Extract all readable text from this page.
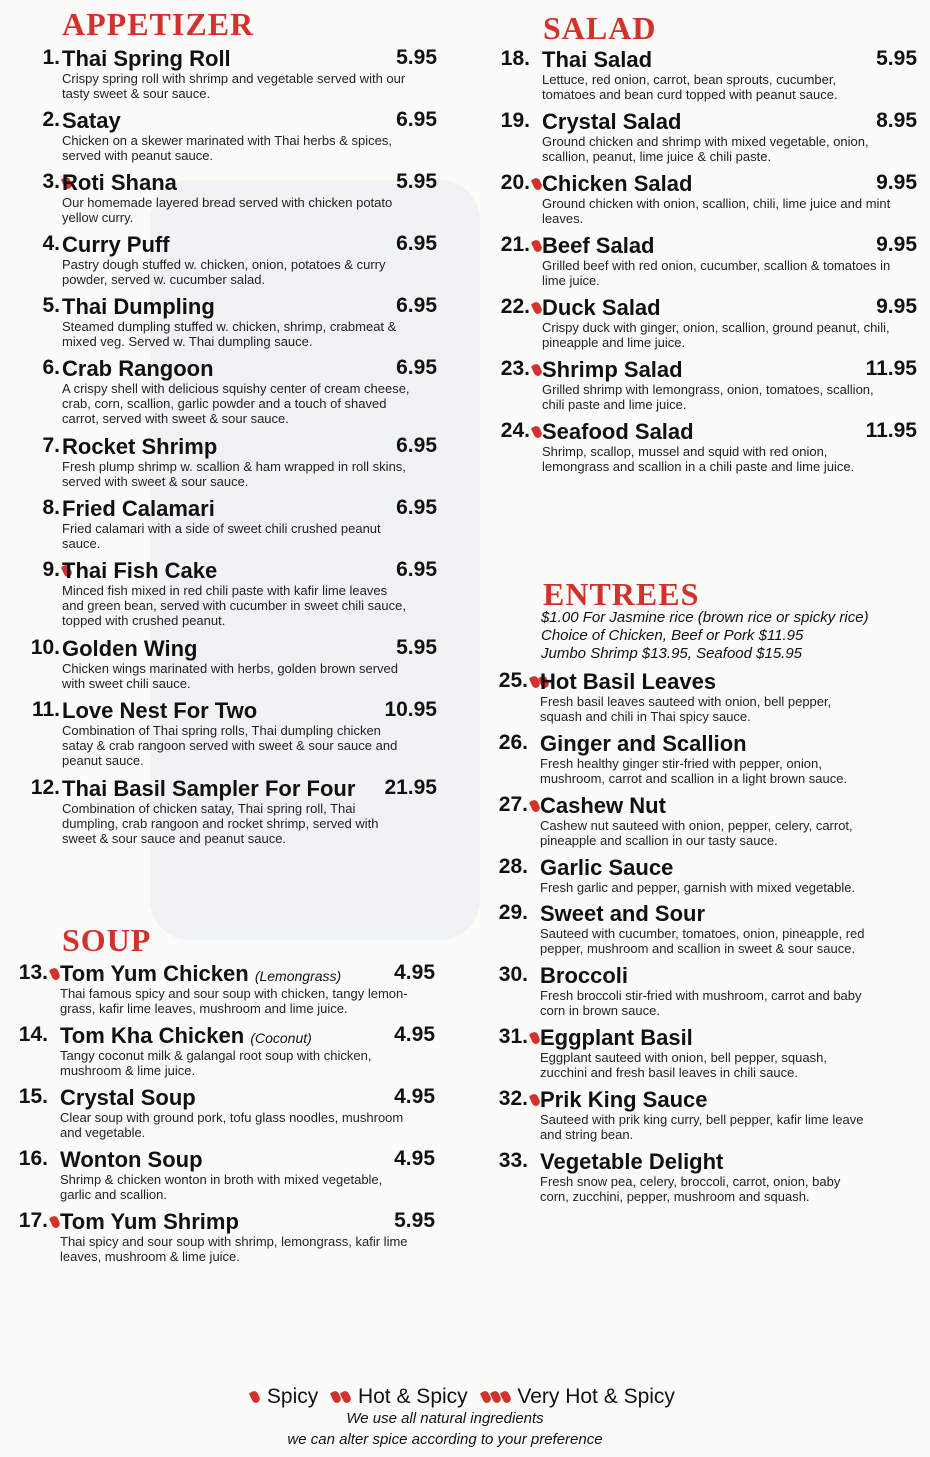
APPETIZER	SALAD
SOUP
ENTREES
$1.00 For Jasmine rice (brown rice or spicky rice)
Choice of Chicken, Beef or Pork $11.95
Jumbo Shrimp $13.95, Seafood $15.95
1. Thai Spring Roll	5.95
Crispy spring roll with shrimp and vegetable served with our tasty sweet & sour sauce.
2. Satay	6.95
Chicken on a skewer marinated with Thai herbs & spices, served with peanut sauce.
3. Roti Shana	5.95
Our homemade layered bread served with chicken potato yellow curry.
4. Curry Puff	6.95
Pastry dough stuffed w. chicken, onion, potatoes & curry powder, served w. cucumber salad.
5. Thai Dumpling	6.95
Steamed dumpling stuffed w. chicken, shrimp, crabmeat & mixed veg. Served w. Thai dumpling sauce.
6. Crab Rangoon	6.95
A crispy shell with delicious squishy center of cream cheese, crab, corn, scallion, garlic powder and a touch of shaved carrot, served with sweet & sour sauce.
7. Rocket Shrimp	6.95
Fresh plump shrimp w. scallion & ham wrapped in roll skins, served with sweet & sour sauce.
8. Fried Calamari	6.95
Fried calamari with a side of sweet chili crushed peanut sauce.
9. Thai Fish Cake	6.95
Minced fish mixed in red chili paste with kafir lime leaves and green bean, served with cucumber in sweet chili sauce, topped with crushed peanut.
10. Golden Wing	5.95
Chicken wings marinated with herbs, golden brown served with sweet chili sauce.
11. Love Nest For Two	10.95
Combination of Thai spring rolls, Thai dumpling chicken satay & crab rangoon served with sweet & sour sauce and peanut sauce.
12. Thai Basil Sampler For Four	21.95
Combination of chicken satay, Thai spring roll, Thai dumpling, crab rangoon and rocket shrimp, served with sweet & sour sauce and peanut sauce.
13. Tom Yum Chicken (Lemongrass)	4.95
Thai famous spicy and sour soup with chicken, tangy lemon-grass, kafir lime leaves, mushroom and lime juice.
14. Tom Kha Chicken (Coconut)	4.95
Tangy coconut milk & galangal root soup with chicken, mushroom & lime juice.
15. Crystal Soup	4.95
Clear soup with ground pork, tofu glass noodles, mushroom and vegetable.
16. Wonton Soup	4.95
Shrimp & chicken wonton in broth with mixed vegetable, garlic and scallion.
17. Tom Yum Shrimp	5.95
Thai spicy and sour soup with shrimp, lemongrass, kafir lime leaves, mushroom & lime juice.
18. Thai Salad	5.95
Lettuce, red onion, carrot, bean sprouts, cucumber, tomatoes and bean curd topped with peanut sauce.
19. Crystal Salad	8.95
Ground chicken and shrimp with mixed vegetable, onion, scallion, peanut, lime juice & chili paste.
20. Chicken Salad	9.95
Ground chicken with onion, scallion, chili, lime juice and mint leaves.
21. Beef Salad	9.95
Grilled beef with red onion, cucumber, scallion & tomatoes in lime juice.
22. Duck Salad	9.95
Crispy duck with ginger, onion, scallion, ground peanut, chili, pineapple and lime juice.
23. Shrimp Salad	11.95
Grilled shrimp with lemongrass, onion, tomatoes, scallion, chili paste and lime juice.
24. Seafood Salad	11.95
Shrimp, scallop, mussel and squid with red onion, lemongrass and scallion in a chili paste and lime juice.
25. Hot Basil Leaves
Fresh basil leaves sauteed with onion, bell pepper, squash and chili in Thai spicy sauce.
26. Ginger and Scallion
Fresh healthy ginger stir-fried with pepper, onion, mushroom, carrot and scallion in a light brown sauce.
27. Cashew Nut
Cashew nut sauteed with onion, pepper, celery, carrot, pineapple and scallion in our tasty sauce.
28. Garlic Sauce
Fresh garlic and pepper, garnish with mixed vegetable.
29. Sweet and Sour
Sauteed with cucumber, tomatoes, onion, pineapple, red pepper, mushroom and scallion in sweet & sour sauce.
30. Broccoli
Fresh broccoli stir-fried with mushroom, carrot and baby corn in brown sauce.
31. Eggplant Basil
Eggplant sauteed with onion, bell pepper, squash, zucchini and fresh basil leaves in chili sauce.
32. Prik King Sauce
Sauteed with prik king curry, bell pepper, kafir lime leave and string bean.
33. Vegetable Delight
Fresh snow pea, celery, broccoli, carrot, onion, baby corn, zucchini, pepper, mushroom and squash.
Spicy Hot & Spicy Very Hot & Spicy
We use all natural ingredients
we can alter spice according to your preference
